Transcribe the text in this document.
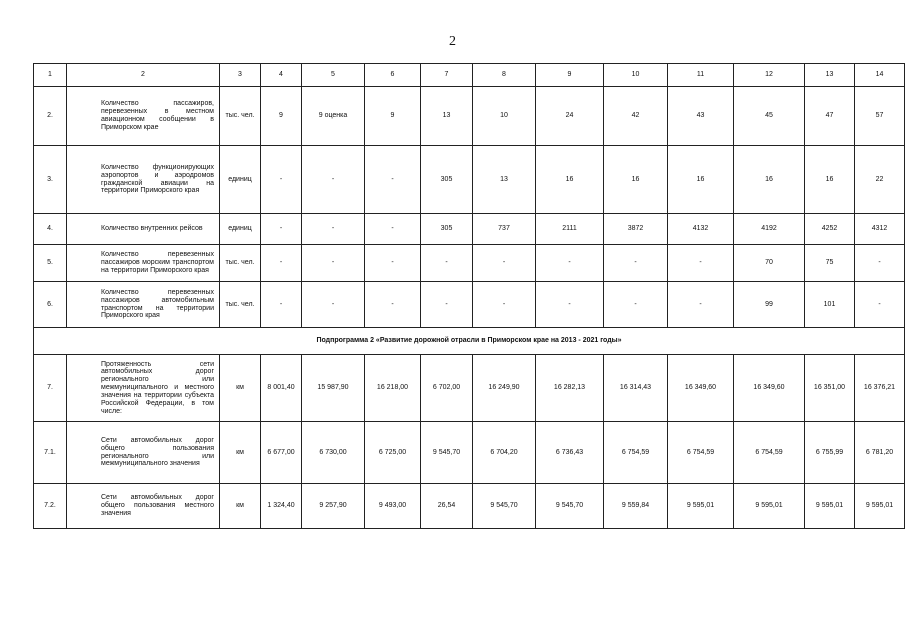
2
1	2	3	4	5	6	7	8	9	10	11	12	13	14
2.	Количество пассажиров, перевезенных в местном авиационном сообщении в Приморском крае	тыс. чел.	9	9 оценка	9	13	10	24	42	43	45	47	57
3.	Количество функционирующих аэропортов и аэродромов гражданской авиации на территории Приморского края	единиц	-	-	-	305	13	16	16	16	16	16	22
4.	Количество внутренних рейсов	единиц	-	-	-	305	737	2111	3872	4132	4192	4252	4312
5.	Количество перевезенных пассажиров морским транспортом на территории Приморского края	тыс. чел.	-	-	-	-	-	-	-	-	70	75	-
6.	Количество перевезенных пассажиров автомобильным транспортом на территории Приморского края	тыс. чел.	-	-	-	-	-	-	-	-	99	101	-
Подпрограмма 2 «Развитие дорожной отрасли в Приморском крае на 2013 - 2021 годы»													
7.	Протяженность сети автомобильных дорог регионального или межмуниципального и местного значения на территории субъекта Российской Федерации, в том числе:	км	8 001,40	15 987,90	16 218,00	6 702,00	16 249,90	16 282,13	16 314,43	16 349,60	16 349,60	16 351,00	16 376,21
7.1.	Сети автомобильных дорог общего пользования регионального или межмуниципального значения	км	6 677,00	6 730,00	6 725,00	9 545,70	6 704,20	6 736,43	6 754,59	6 754,59	6 754,59	6 755,99	6 781,20
7.2.	Сети автомобильных дорог общего пользования местного значения	км	1 324,40	9 257,90	9 493,00	26,54	9 545,70	9 545,70	9 559,84	9 595,01	9 595,01	9 595,01	9 595,01
